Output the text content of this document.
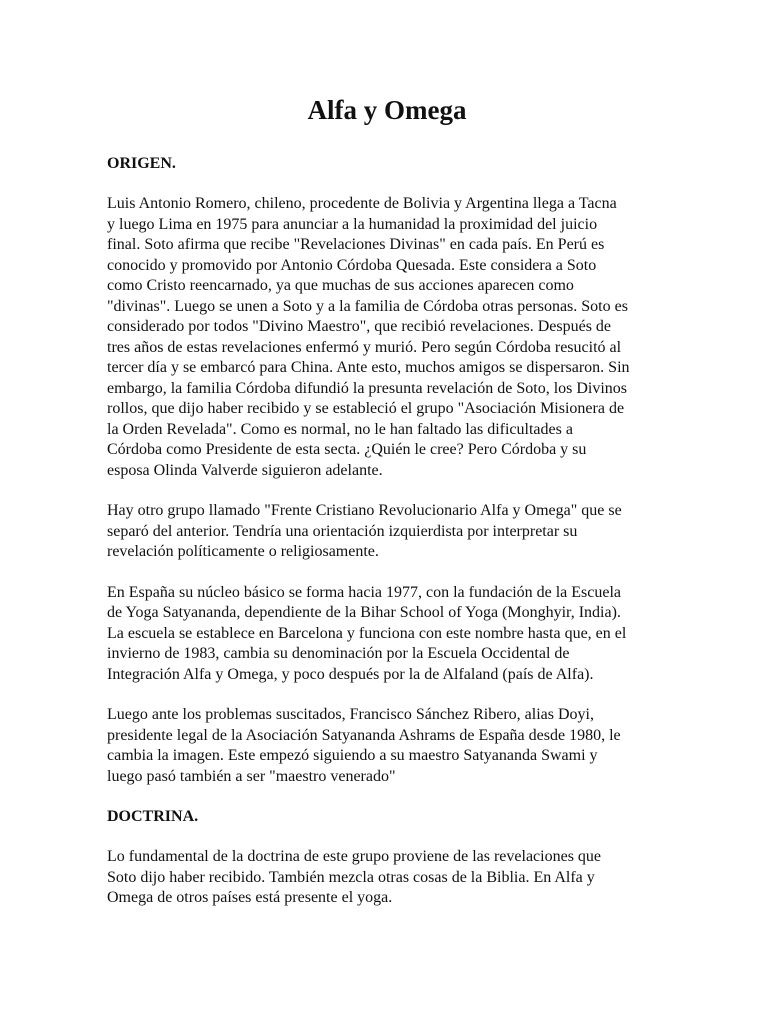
Alfa y Omega
ORIGEN.

Luis Antonio Romero, chileno, procedente de Bolivia y Argentina llega a Tacna
y luego Lima en 1975 para anunciar a la humanidad la proximidad del juicio
final. Soto afirma que recibe "Revelaciones Divinas" en cada país. En Perú es
conocido y promovido por Antonio Córdoba Quesada. Este considera a Soto
como Cristo reencarnado, ya que muchas de sus acciones aparecen como
"divinas". Luego se unen a Soto y a la familia de Córdoba otras personas. Soto es
considerado por todos "Divino Maestro", que recibió revelaciones. Después de
tres años de estas revelaciones enfermó y murió. Pero según Córdoba resucitó al
tercer día y se embarcó para China. Ante esto, muchos amigos se dispersaron. Sin
embargo, la familia Córdoba difundió la presunta revelación de Soto, los Divinos
rollos, que dijo haber recibido y se estableció el grupo "Asociación Misionera de
la Orden Revelada". Como es normal, no le han faltado las dificultades a
Córdoba como Presidente de esta secta. ¿Quién le cree? Pero Córdoba y su
esposa Olinda Valverde siguieron adelante.

Hay otro grupo llamado "Frente Cristiano Revolucionario Alfa y Omega" que se
separó del anterior. Tendría una orientación izquierdista por interpretar su
revelación políticamente o religiosamente.

En España su núcleo básico se forma hacia 1977, con la fundación de la Escuela
de Yoga Satyananda, dependiente de la Bihar School of Yoga (Monghyir, India).
La escuela se establece en Barcelona y funciona con este nombre hasta que, en el
invierno de 1983, cambia su denominación por la Escuela Occidental de
Integración Alfa y Omega, y poco después por la de Alfaland (país de Alfa).

Luego ante los problemas suscitados, Francisco Sánchez Ribero, alias Doyi,
presidente legal de la Asociación Satyananda Ashrams de España desde 1980, le
cambia la imagen. Este empezó siguiendo a su maestro Satyananda Swami y
luego pasó también a ser "maestro venerado"

DOCTRINA.

Lo fundamental de la doctrina de este grupo proviene de las revelaciones que
Soto dijo haber recibido. También mezcla otras cosas de la Biblia. En Alfa y
Omega de otros países está presente el yoga.
